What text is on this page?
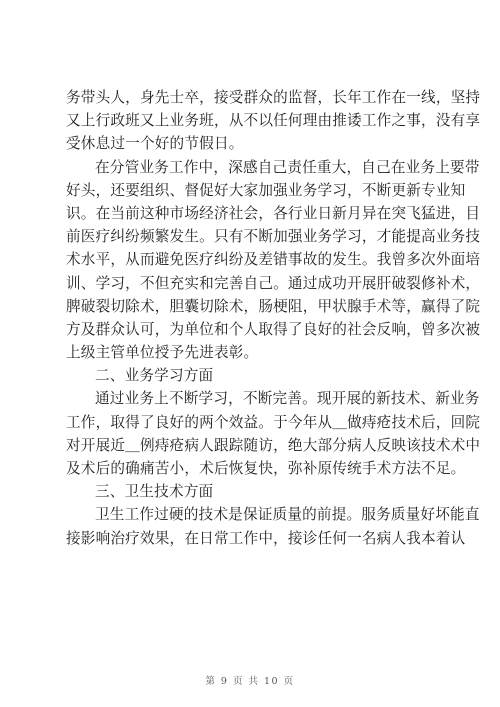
务带头人，身先士卒，接受群众的监督，长年工作在一线，坚持
又上行政班又上业务班，从不以任何理由推诿工作之事，没有享
受休息过一个好的节假日。
在分管业务工作中，深感自己责任重大，自己在业务上要带
好头，还要组织、督促好大家加强业务学习，不断更新专业知
识。在当前这种市场经济社会，各行业日新月异在突飞猛进，目
前医疗纠纷频繁发生。只有不断加强业务学习，才能提高业务技
术水平，从而避免医疗纠纷及差错事故的发生。我曾多次外面培
训、学习，不但充实和完善自己。通过成功开展肝破裂修补术，
脾破裂切除术，胆囊切除术，肠梗阻，甲状腺手术等，赢得了院
方及群众认可，为单位和个人取得了良好的社会反响，曾多次被
上级主管单位授予先进表彰。
二、业务学习方面
通过业务上不断学习，不断完善。现开展的新技术、新业务
工作，取得了良好的两个效益。于今年从＿做痔疮技术后，回院
对开展近＿例痔疮病人跟踪随访，绝大部分病人反映该技术术中
及术后的确痛苦小，术后恢复快，弥补原传统手术方法不足。
三、卫生技术方面
卫生工作过硬的技术是保证质量的前提。服务质量好坏能直
接影响治疗效果，在日常工作中，接诊任何一名病人我本着认
第 9 页 共 10 页
